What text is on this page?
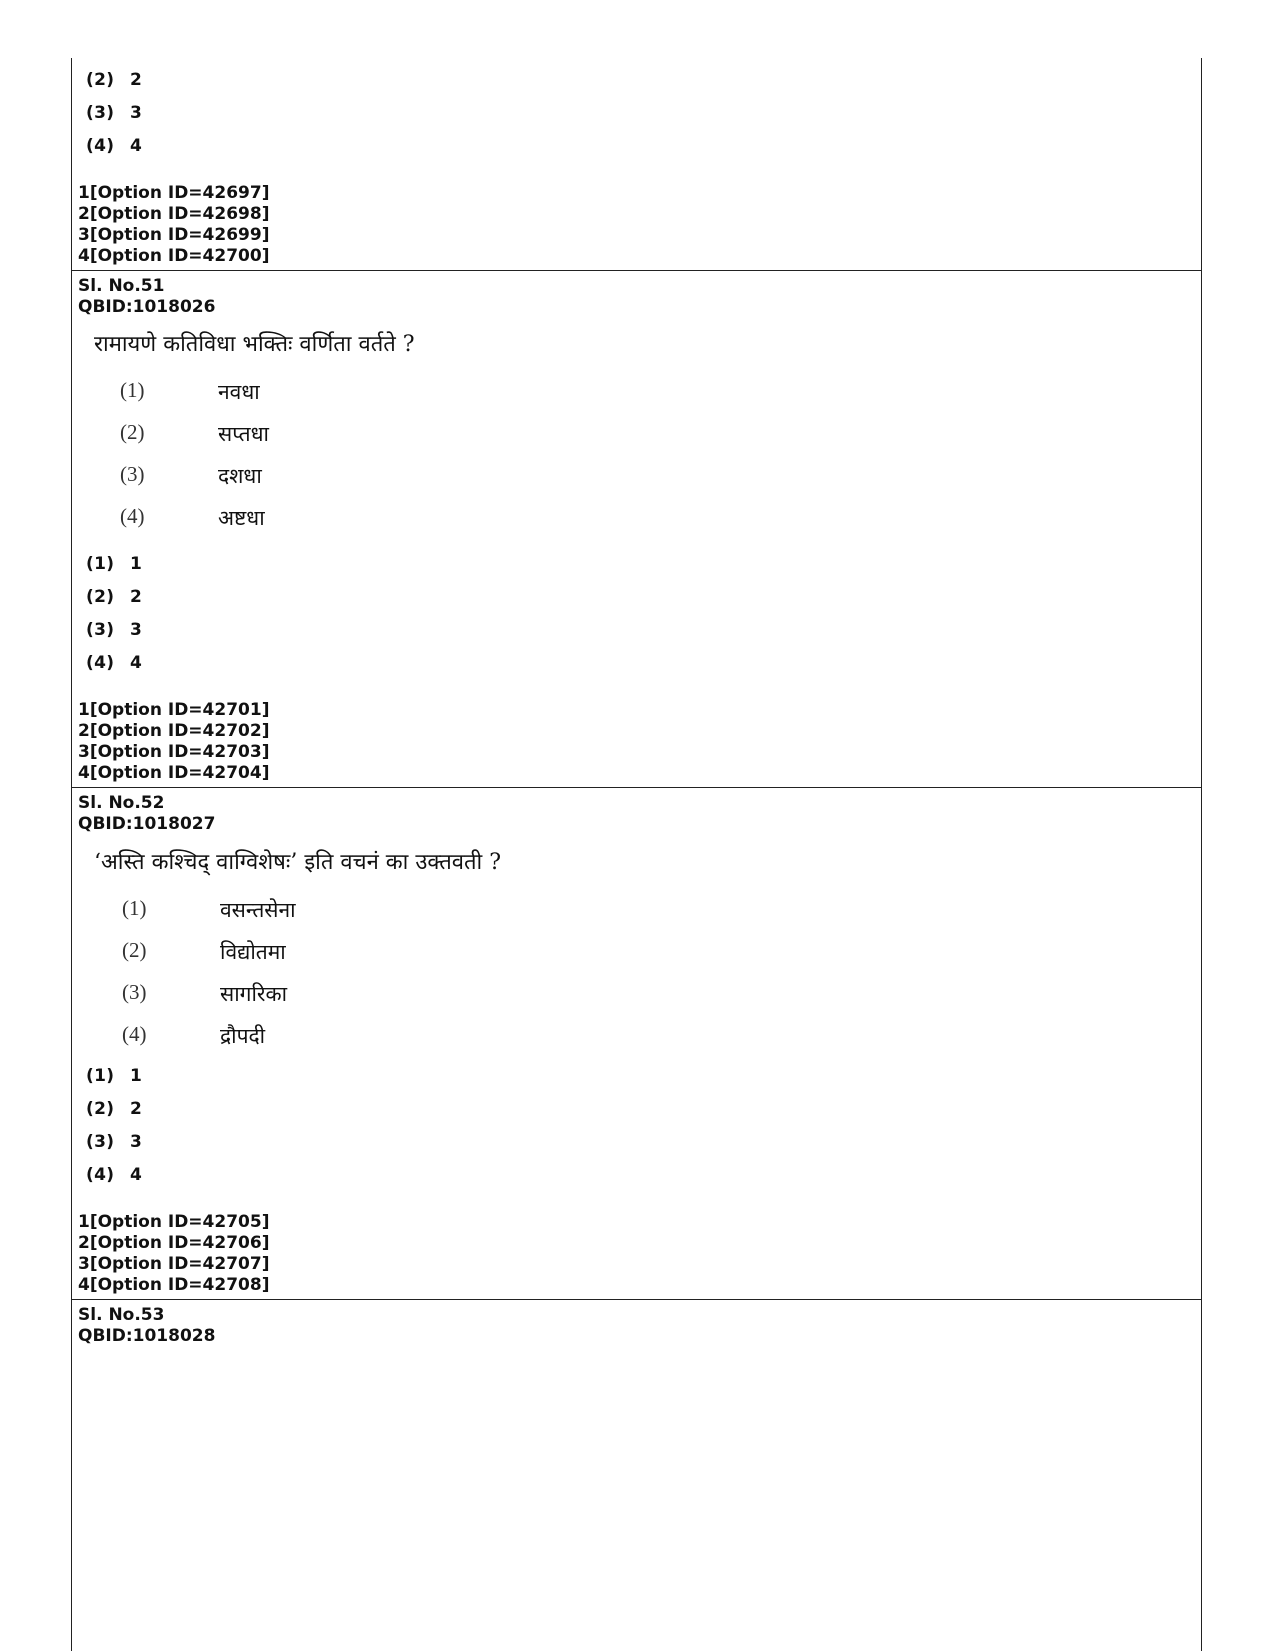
(2) 2
(3) 3
(4) 4
1[Option ID=42697]
2[Option ID=42698]
3[Option ID=42699]
4[Option ID=42700]
Sl. No.51
QBID:1018026
रामायणे कतिविधा भक्तिः वर्णिता वर्तते ?
(1)	नवधा
(2)	सप्तधा
(3)	दशधा
(4)	अष्टधा
(1) 1
(2) 2
(3) 3
(4) 4
1[Option ID=42701]
2[Option ID=42702]
3[Option ID=42703]
4[Option ID=42704]
Sl. No.52
QBID:1018027
‘अस्ति कश्चिद् वाग्विशेषः’ इति वचनं का उक्तवती ?
(1)	वसन्तसेना
(2)	विद्योतमा
(3)	सागरिका
(4)	द्रौपदी
(1) 1
(2) 2
(3) 3
(4) 4
1[Option ID=42705]
2[Option ID=42706]
3[Option ID=42707]
4[Option ID=42708]
Sl. No.53
QBID:1018028
